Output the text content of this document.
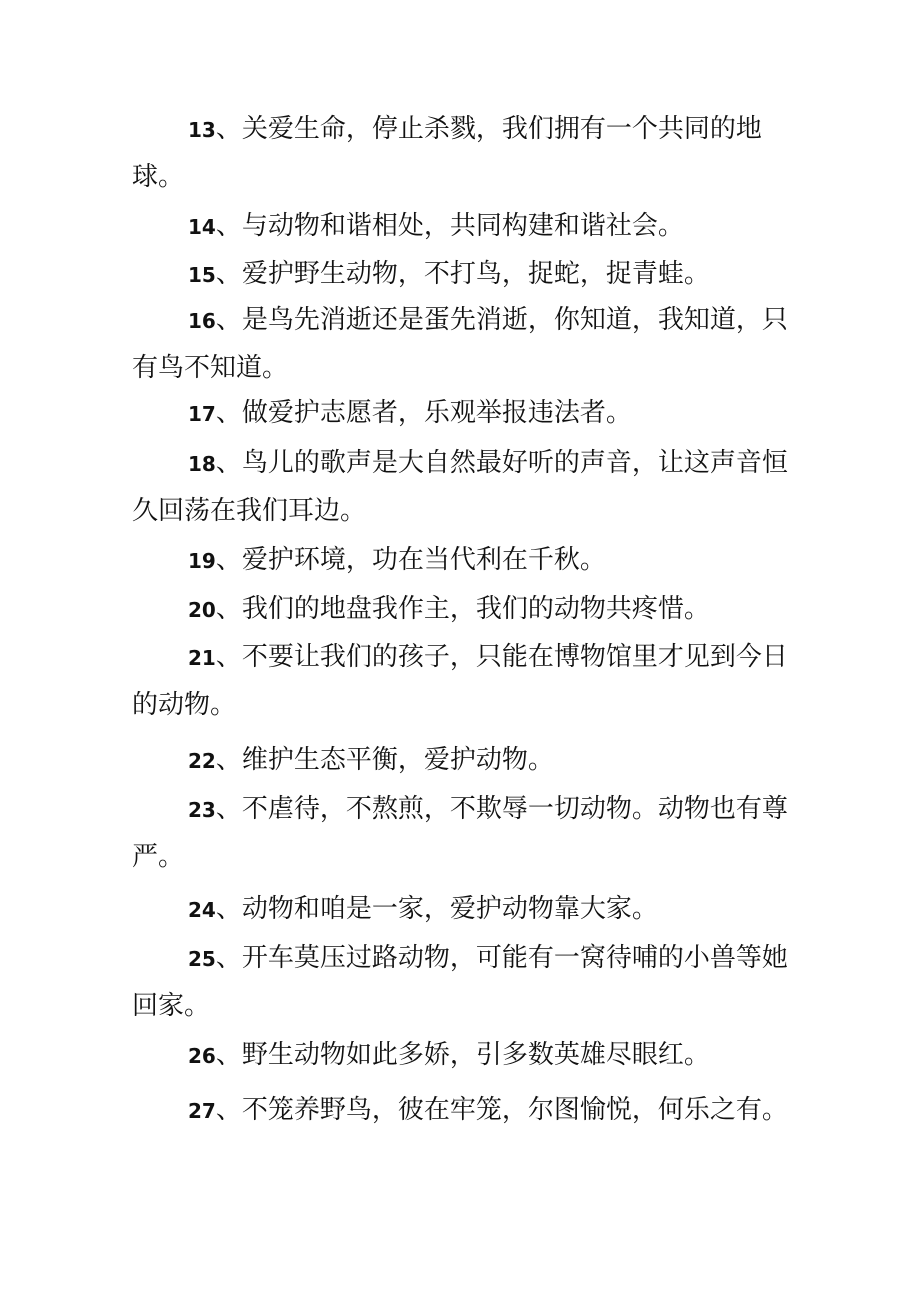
13、关爱生命，停止杀戮，我们拥有一个共同的地球。

14、与动物和谐相处，共同构建和谐社会。

15、爱护野生动物，不打鸟，捉蛇，捉青蛙。

16、是鸟先消逝还是蛋先消逝，你知道，我知道，只有鸟不知道。

17、做爱护志愿者，乐观举报违法者。

18、鸟儿的歌声是大自然最好听的声音，让这声音恒久回荡在我们耳边。

19、爱护环境，功在当代利在千秋。

20、我们的地盘我作主，我们的动物共疼惜。

21、不要让我们的孩子，只能在博物馆里才见到今日的动物。

22、维护生态平衡，爱护动物。

23、不虐待，不熬煎，不欺辱一切动物。动物也有尊严。

24、动物和咱是一家，爱护动物靠大家。

25、开车莫压过路动物，可能有一窝待哺的小兽等她回家。

26、野生动物如此多娇，引多数英雄尽眼红。

27、不笼养野鸟，彼在牢笼，尔图愉悦，何乐之有。
